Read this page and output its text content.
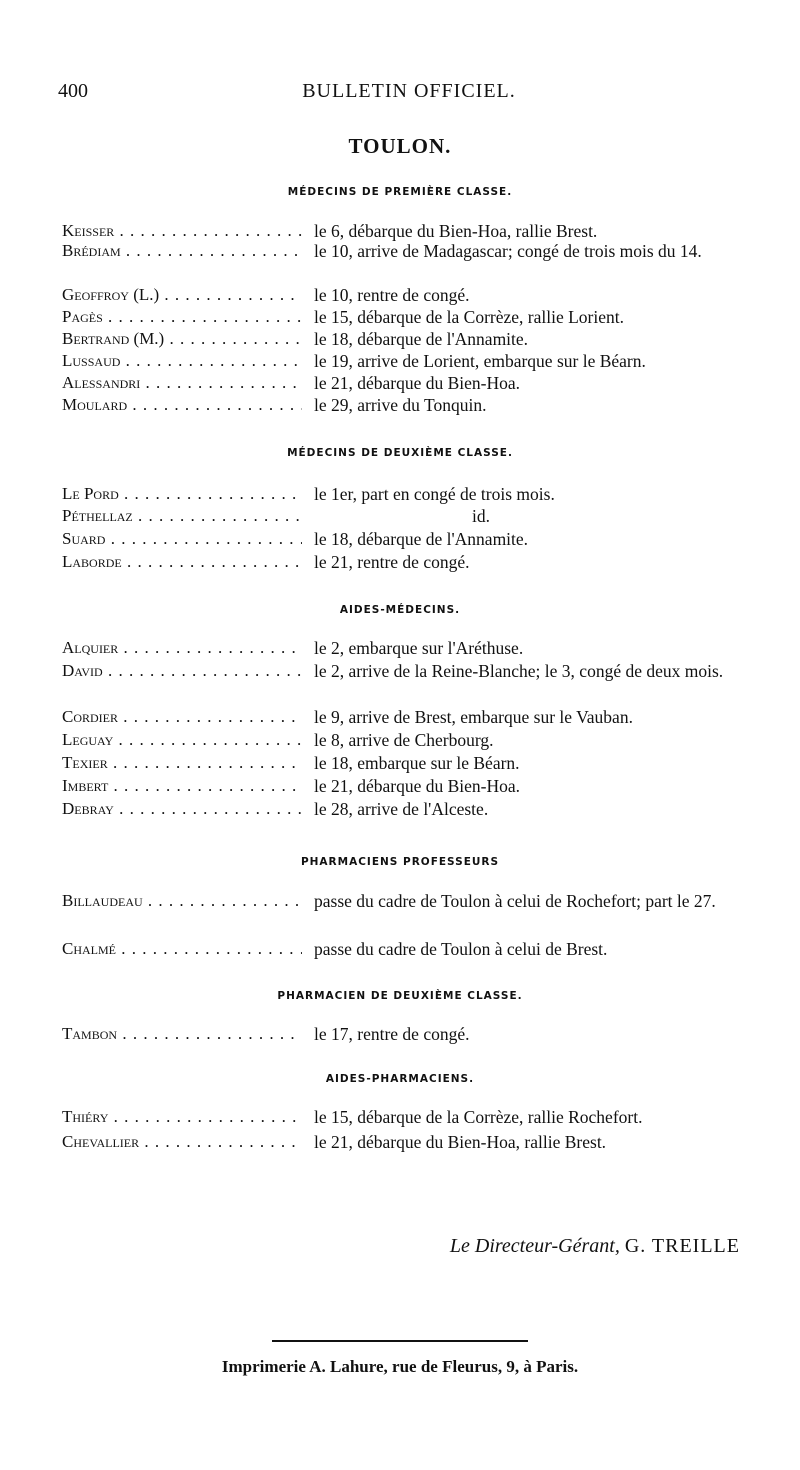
400	BULLETIN OFFICIEL.
TOULON.
MÉDECINS DE PREMIÈRE CLASSE.
Keisser . . .	le 6, débarque du Bien-Hoa, rallie Brest.
Brédiam . . .	le 10, arrive de Madagascar; congé de trois mois du 14.
Geoffroy (L.) . . .	le 10, rentre de congé.
Pagès . . .	le 15, débarque de la Corrèze, rallie Lorient.
Bertrand (M.) . . .	le 18, débarque de l'Annamite.
Lussaud . . .	le 19, arrive de Lorient, embarque sur le Béarn.
Alessandri . . .	le 21, débarque du Bien-Hoa.
Moulard . . .	le 29, arrive du Tonquin.
MÉDECINS DE DEUXIÈME CLASSE.
Le Pord . . .	le 1er, part en congé de trois mois.
Péthellaz . . .	id.
Suard . . .	le 18, débarque de l'Annamite.
Laborde . . .	le 21, rentre de congé.
AIDES-MÉDECINS.
Alquier . . .	le 2, embarque sur l'Aréthuse.
David . . .	le 2, arrive de la Reine-Blanche; le 3, congé de deux mois.
Cordier . . .	le 9, arrive de Brest, embarque sur le Vauban.
Leguay . . .	le 8, arrive de Cherbourg.
Texier . . .	le 18, embarque sur le Béarn.
Imbert . . .	le 21, débarque du Bien-Hoa.
Debray . . .	le 28, arrive de l'Alceste.
PHARMACIENS PROFESSEURS
Billaudeau . . .	passe du cadre de Toulon à celui de Rochefort; part le 27.
Chalmé . . .	passe du cadre de Toulon à celui de Brest.
PHARMACIEN DE DEUXIÈME CLASSE.
Tambon . . .	le 17, rentre de congé.
AIDES-PHARMACIENS.
Thiéry . . .	le 15, débarque de la Corrèze, rallie Rochefort.
Chevallier . . .	le 21, débarque du Bien-Hoa, rallie Brest.
Le Directeur-Gérant, G. TREILLE
Imprimerie A. Lahure, rue de Fleurus, 9, à Paris.
